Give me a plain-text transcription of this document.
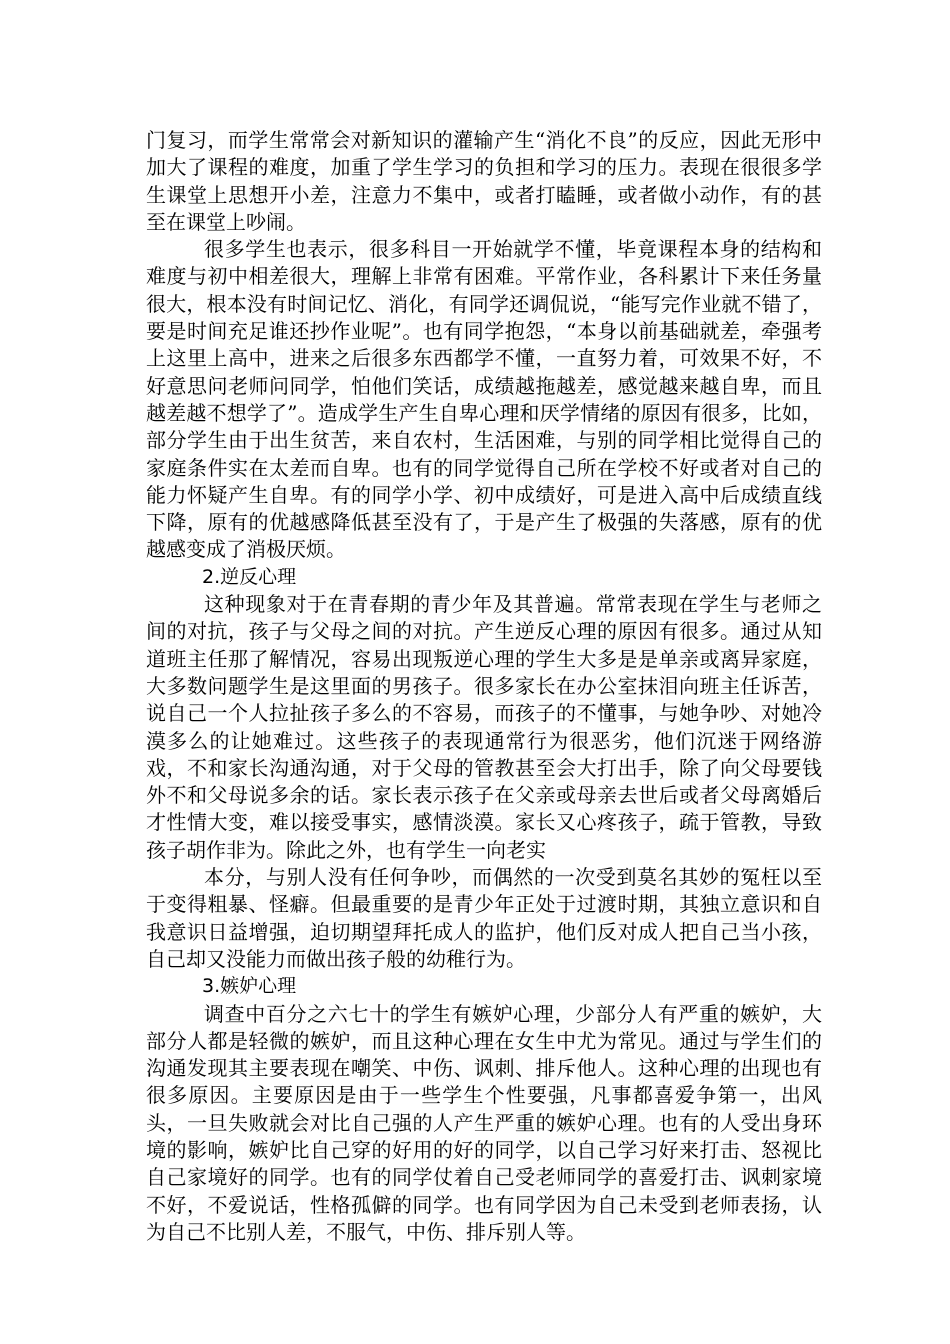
门复习，而学生常常会对新知识的灌输产生“消化不良”的反应，因此无形中加大了课程的难度，加重了学生学习的负担和学习的压力。表现在很很多学生课堂上思想开小差，注意力不集中，或者打瞌睡，或者做小动作，有的甚至在课堂上吵闹。

很多学生也表示，很多科目一开始就学不懂，毕竟课程本身的结构和难度与初中相差很大，理解上非常有困难。平常作业，各科累计下来任务量很大，根本没有时间记忆、消化，有同学还调侃说，“能写完作业就不错了，要是时间充足谁还抄作业呢”。也有同学抱怨，“本身以前基础就差，牵强考上这里上高中，进来之后很多东西都学不懂，一直努力着，可效果不好，不好意思问老师问同学，怕他们笑话，成绩越拖越差，感觉越来越自卑，而且越差越不想学了”。造成学生产生自卑心理和厌学情绪的原因有很多，比如，部分学生由于出生贫苦，来自农村，生活困难，与别的同学相比觉得自己的家庭条件实在太差而自卑。也有的同学觉得自己所在学校不好或者对自己的能力怀疑产生自卑。有的同学小学、初中成绩好，可是进入高中后成绩直线下降，原有的优越感降低甚至没有了，于是产生了极强的失落感，原有的优越感变成了消极厌烦。

2.逆反心理

这种现象对于在青春期的青少年及其普遍。常常表现在学生与老师之间的对抗，孩子与父母之间的对抗。产生逆反心理的原因有很多。通过从知道班主任那了解情况，容易出现叛逆心理的学生大多是是单亲或离异家庭，大多数问题学生是这里面的男孩子。很多家长在办公室抹泪向班主任诉苦，说自己一个人拉扯孩子多么的不容易，而孩子的不懂事，与她争吵、对她冷漠多么的让她难过。这些孩子的表现通常行为很恶劣，他们沉迷于网络游戏，不和家长沟通沟通，对于父母的管教甚至会大打出手，除了向父母要钱外不和父母说多余的话。家长表示孩子在父亲或母亲去世后或者父母离婚后才性情大变，难以接受事实，感情淡漠。家长又心疼孩子，疏于管教，导致孩子胡作非为。除此之外，也有学生一向老实

本分，与别人没有任何争吵，而偶然的一次受到莫名其妙的冤枉以至于变得粗暴、怪癖。但最重要的是青少年正处于过渡时期，其独立意识和自我意识日益增强，迫切期望拜托成人的监护，他们反对成人把自己当小孩，自己却又没能力而做出孩子般的幼稚行为。

3.嫉妒心理

调查中百分之六七十的学生有嫉妒心理，少部分人有严重的嫉妒，大部分人都是轻微的嫉妒，而且这种心理在女生中尤为常见。通过与学生们的沟通发现其主要表现在嘲笑、中伤、讽刺、排斥他人。这种心理的出现也有很多原因。主要原因是由于一些学生个性要强，凡事都喜爱争第一，出风头，一旦失败就会对比自己强的人产生严重的嫉妒心理。也有的人受出身环境的影响，嫉妒比自己穿的好用的好的同学，以自己学习好来打击、怒视比自己家境好的同学。也有的同学仗着自己受老师同学的喜爱打击、讽刺家境不好，不爱说话，性格孤僻的同学。也有同学因为自己未受到老师表扬，认为自己不比别人差，不服气，中伤、排斥别人等。
